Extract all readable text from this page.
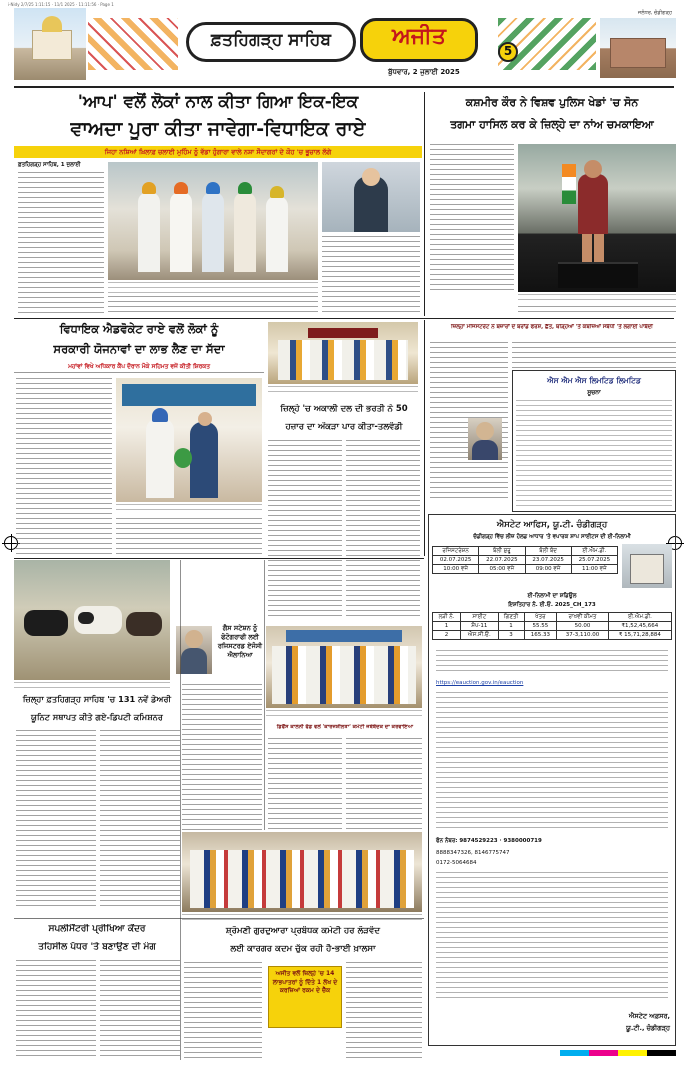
i-Nidy 2/7/25 1:11:15 · 11/1 2025 · 11:11:56 · Page 1
ਫ਼ਤਹਿਗੜ੍ਹ ਸਾਹਿਬ	ਅਜੀਤ
ਬੁੱਧਵਾਰ, 2 ਜੁਲਾਈ 2025
ਜਲੰਧਰ, ਚੰਡੀਗੜ੍ਹ
5
'ਆਪ' ਵਲੋਂ ਲੋਕਾਂ ਨਾਲ ਕੀਤਾ ਗਿਆ ਇਕ-ਇਕ
ਵਾਅਦਾ ਪੂਰਾ ਕੀਤਾ ਜਾਵੇਗਾ-ਵਿਧਾਇਕ ਰਾਏ
ਜਿਹਾ ਨਸ਼ਿਆਂ ਖ਼ਿਲਾਫ਼ ਚਲਾਈ ਮੁਹਿੰਮ ਨੂੰ ਵੱਡਾ ਹੁੰਗਾਰਾ ਵਾਲੇ ਨਸ਼ਾ ਸੌਦਾਗਰਾਂ ਦੇ ਕੋਹ 'ਚ ਭੂਚਾਲ ਲੱਗੇ
ਫ਼ਤਹਿਗੜ੍ਹ ਸਾਹਿਬ, 1 ਜੁਲਾਈ
ਕਸ਼ਮੀਰ ਕੌਰ ਨੇ ਵਿਸ਼ਵ ਪੁਲਿਸ ਖੇਡਾਂ 'ਚ ਸੋਨ
ਤਗਮਾ ਹਾਸਿਲ ਕਰ ਕੇ ਜ਼ਿਲ੍ਹੇ ਦਾ ਨਾਂਅ ਚਮਕਾਇਆ
ਵਿਧਾਇਕ ਐਡਵੋਕੇਟ ਰਾਏ ਵਲੋਂ ਲੋਕਾਂ ਨੂੰ
ਸਰਕਾਰੀ ਯੋਜਨਾਵਾਂ ਦਾ ਲਾਭ ਲੈਣ ਦਾ ਸੱਦਾ
ਮਹਾਂਵਾਂ ਵਿਖੇ ਅਧਿਕਾਰ ਕੈਂਪ ਦੌਰਾਨ ਮੌਕੇ ਸਹਿਮਤ ਵਜੋਂ ਕੀਤੀ ਸ਼ਿਰਕਤ
ਜ਼ਿਲ੍ਹੇ 'ਚ ਅਕਾਲੀ ਦਲ ਦੀ ਭਰਤੀ ਨੇ 50
ਹਜ਼ਾਰ ਦਾ ਅੰਕੜਾ ਪਾਰ ਕੀਤਾ-ਤਲਵੰਡੀ
ਜ਼ਿਲ੍ਹਾ ਮੈਜਿਸਟਰੇਟ ਨੇ ਬਜ਼ਾਰਾਂ ਦੇ ਬਰਾਂਡ ਫਰਸ਼, ਛੱਤ, ਥੜ੍ਹਿਆਂ 'ਤੇ ਕਬਜ਼ਿਆਂ ਸਬੰਧੀ 'ਤੇ ਲਗਾਈ ਪਾਬੰਦੀ
ਐਸ ਐਮ ਐਸ ਲਿਮਟਿਡ ਲਿਮਟਿਡ
ਸੂਚਨਾ
ਐਸਟੇਟ ਆਫਿਸ, ਯੂ.ਟੀ. ਚੰਡੀਗੜ੍ਹ
ਚੰਡੀਗੜ੍ਹ ਵਿੱਚ ਲੀਜ਼ ਹੋਲਡ ਆਧਾਰ 'ਤੇ ਵਪਾਰਕ ਸ਼ਾਪ ਸਾਈਟਸ ਦੀ ਈ-ਨਿਲਾਮੀ
ਰਜਿਸਟਰੇਸ਼ਨ	ਬੋਲੀ ਸ਼ੁਰੂ	ਬੋਲੀ ਬੰਦ	ਈ.ਐਮ.ਡੀ.
02.07.2025	22.07.2025	23.07.2025	25.07.2025
10:00 ਵਜੇ	05:00 ਵਜੇ	09:00 ਵਜੇ	11:00 ਵਜੇ
ਈ-ਨਿਲਾਮੀ ਦਾ ਸ਼ਡਿਊਲ
ਇਸ਼ਤਿਹਾਰ ਨੰ. ਈ.ਓ. 2025_CH_173
ਲੜੀ ਨੰ.	ਸਾਈਟ	ਗਿਣਤੀ	ਖੇਤਰ	ਰਾਖਵੀਂ ਕੀਮਤ	ਈ.ਐਮ.ਡੀ.
1	ਸ਼ੋਪ-11	1	55.55	50.00	₹1,52,45,664
2	ਐਸ.ਸੀ.ਓ.	3	165.33	37-3,110.00	₹ 15,71,28,884
https://eauction.gov.in/eauction
ਫੋਨ ਨੰਬਰ: 9874529223 · 9380000719
8888347326, 8146775747
0172-5064684
ਐਸਟੇਟ ਅਫ਼ਸਰ,
ਯੂ.ਟੀ., ਚੰਡੀਗੜ੍ਹ
ਜ਼ਿਲ੍ਹਾ ਫ਼ਤਹਿਗੜ੍ਹ ਸਾਹਿਬ 'ਚ 131 ਨਵੇਂ ਡੇਅਰੀ
ਯੂਨਿਟ ਸਥਾਪਤ ਕੀਤੇ ਗਏ-ਡਿਪਟੀ ਕਮਿਸ਼ਨਰ
ਗੈਸ ਸਟੇਸ਼ਨ ਨੂੰ ਫੋਟੋਗਰਾਫੀ ਲਈ ਰਜਿਸਟਰਡ ਏਜੰਸੀ ਐਲਾਨਿਆ
ਡਿਫੈਂਸ ਕਾਲੋਨੀ ਫੰਡ ਵਲੋਂ 'ਕਾਰਜਸ਼ੀਲਤਾ' ਕਮੇਟੀ ਜਥੇਬੰਦਕ ਦਾ ਕਰਵਾਇਆ
ਸਪਲੀਮੈਂਟਰੀ ਪ੍ਰੀਖਿਆ ਕੇਂਦਰ
ਤਹਿਸੀਲ ਪੱਧਰ 'ਤੇ ਬਣਾਉਣ ਦੀ ਮੰਗ
ਸ਼੍ਰੋਮਣੀ ਗੁਰਦੁਆਰਾ ਪ੍ਰਬੰਧਕ ਕਮੇਟੀ ਹਰ ਲੋੜਵੰਦ
ਲਈ ਕਾਰਗਰ ਕਦਮ ਚੁੱਕ ਰਹੀ ਹੈ-ਭਾਈ ਖ਼ਾਲਸਾ
ਅਜੀਤ ਵਲੋਂ ਜ਼ਿਲ੍ਹੇ 'ਚ 14 ਲਾਭਪਾਤਰਾਂ ਨੂੰ ਦਿੱਤੇ 1 ਲੱਖ ਦੇ ਕਰਜ਼ਿਆਂ ਰਕਮ ਦੇ ਚੈੱਕ
